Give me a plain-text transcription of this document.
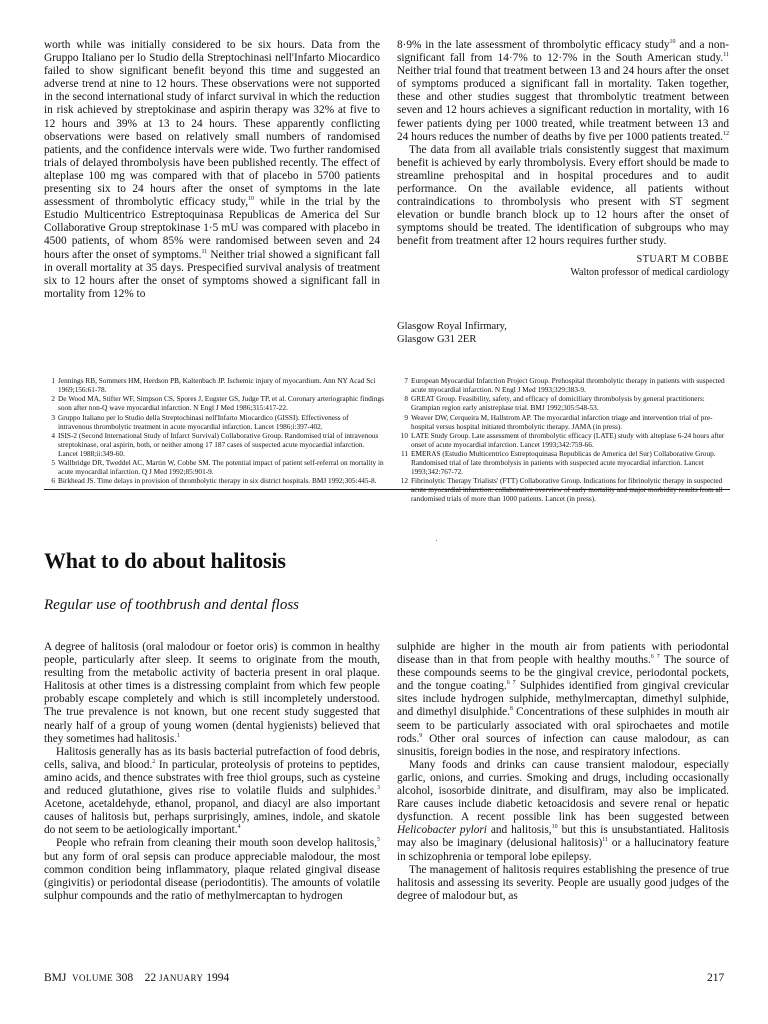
worth while was initially considered to be six hours. Data from the Gruppo Italiano per lo Studio della Streptochinasi nell'Infarto Miocardico failed to show significant benefit beyond this time and suggested an adverse trend at nine to 12 hours. These observations were not supported in the second international study of infarct survival in which the reduction in risk achieved by streptokinase and aspirin therapy was 32% at five to 12 hours and 39% at 13 to 24 hours. These apparently conflicting observations were based on relatively small numbers of randomised patients, and the confidence intervals were wide. Two further randomised trials of delayed thrombolysis have been published recently. The effect of alteplase 100 mg was compared with that of placebo in 5700 patients presenting six to 24 hours after the onset of symptoms in the late assessment of thrombolytic efficacy study,$^{10}$ while in the trial by the Estudio Multicentrico Estreptoquinasa Republicas de America del Sur Collaborative Group streptokinase 1·5 mU was compared with placebo in 4500 patients, of whom 85% were randomised between seven and 24 hours after the onset of symptoms.$^{11}$ Neither trial showed a significant fall in overall mortality at 35 days. Prespecified survival analysis of treatment six to 12 hours after the onset of symptoms showed a significant fall in mortality from 12% to

8·9% in the late assessment of thrombolytic efficacy study$^{10}$ and a non-significant fall from 14·7% to 12·7% in the South American study.$^{11}$ Neither trial found that treatment between 13 and 24 hours after the onset of symptoms produced a significant fall in mortality. Taken together, these and other studies suggest that thrombolytic treatment between seven and 12 hours achieves a significant reduction in mortality, with 16 fewer patients dying per 1000 treated, while treatment between 13 and 24 hours reduces the number of deaths by five per 1000 patients treated.$^{12}$

The data from all available trials consistently suggest that maximum benefit is achieved by early thrombolysis. Every effort should be made to streamline prehospital and in hospital procedures and to audit performance. On the available evidence, all patients without contraindications to thrombolysis who present with ST segment elevation or bundle branch block up to 12 hours after the onset of symptoms should be treated. The identification of subgroups who may benefit from treatment after 12 hours requires further study.

STUART M COBBE
Walton professor of medical cardiology
Glasgow Royal Infirmary,
Glasgow G31 2ER
1 Jennings RB, Sommers HM, Herdson PB, Kaltenbach JP. Ischemic injury of myocardium. Ann NY Acad Sci 1969;156:61-78.
2 De Wood MA, Stifter WF, Simpson CS, Spores J, Eugster GS, Judge TP, et al. Coronary arteriographic findings soon after non-Q wave myocardial infarction. N Engl J Med 1986;315:417-22.
3 Gruppo Italiano per lo Studio della Streptochinasi nell'Infarto Miocardico (GISSI). Effectiveness of intravenous thrombolytic treatment in acute myocardial infarction. Lancet 1986;i:397-402.
4 ISIS-2 (Second International Study of Infarct Survival) Collaborative Group. Randomised trial of intravenous streptokinase, oral aspirin, both, or neither among 17 187 cases of suspected acute myocardial infarction. Lancet 1988;ii:349-60.
5 Wallbridge DR, Tweddel AC, Martin W, Cobbe SM. The potential impact of patient self-referral on mortality in acute myocardial infarction. Q J Med 1992;85:901-9.
6 Birkhead JS. Time delays in provision of thrombolytic therapy in six district hospitals. BMJ 1992;305:445-8.
7 European Myocardial Infarction Project Group. Prehospital thrombolytic therapy in patients with suspected acute myocardial infarction. N Engl J Med 1993;329:383-9.
8 GREAT Group. Feasibility, safety, and efficacy of domiciliary thrombolysis by general practitioners: Grampian region early anistreplase trial. BMJ 1992;305:548-53.
9 Weaver DW, Cerqueira M, Hallstrom AP. The myocardial infarction triage and intervention trial of pre-hospital versus hospital initiated thrombolytic therapy. JAMA (in press).
10 LATE Study Group. Late assessment of thrombolytic efficacy (LATE) study with alteplase 6-24 hours after onset of acute myocardial infarction. Lancet 1993;342:759-66.
11 EMERAS (Estudio Multicentrico Estreptoquinasa Republicas de America del Sur) Collaborative Group. Randomised trial of late thrombolysis in patients with suspected acute myocardial infarction. Lancet 1993;342:767-72.
12 Fibrinolytic Therapy Trialists' (FTT) Collaborative Group. Indications for fibrinolytic therapy in suspected acute myocardial infarction: collaborative overview of early mortality and major morbidity results from all randomised trials of more than 1000 patients. Lancet (in press).
What to do about halitosis
Regular use of toothbrush and dental floss

A degree of halitosis (oral malodour or foetor oris) is common in healthy people, particularly after sleep. It seems to originate from the mouth, resulting from the metabolic activity of bacteria present in oral plaque. Halitosis at other times is a distressing complaint from which few people probably escape completely and which is still incompletely understood. The true prevalence is not known, but one recent study suggested that nearly half of a group of young women (dental hygienists) believed that they sometimes had halitosis.$^1$

Halitosis generally has as its basis bacterial putrefaction of food debris, cells, saliva, and blood.$^2$ In particular, proteolysis of proteins to peptides, amino acids, and thence substrates with free thiol groups, such as cysteine and reduced glutathione, gives rise to volatile fluids and sulphides.$^3$ Acetone, acetaldehyde, ethanol, propanol, and diacyl are also important causes of halitosis but, perhaps surprisingly, amines, indole, and skatole do not seem to be aetiologically important.$^4$

People who refrain from cleaning their mouth soon develop halitosis,$^5$ but any form of oral sepsis can produce appreciable malodour, the most common condition being inflammatory, plaque related gingival disease (gingivitis) or periodontal disease (periodontitis). The amounts of volatile sulphur compounds and the ratio of methylmercaptan to hydrogen

sulphide are higher in the mouth air from patients with periodontal disease than in that from people with healthy mouths.$^{6 7}$ The source of these compounds seems to be the gingival crevice, periodontal pockets, and the tongue coating.$^{6 7}$ Sulphides identified from gingival crevicular sites include hydrogen sulphide, methylmercaptan, dimethyl sulphide, and dimethyl disulphide.$^8$ Concentrations of these sulphides in mouth air seem to be particularly associated with oral spirochaetes and motile rods.$^9$ Other oral sources of infection can cause malodour, as can sinusitis, foreign bodies in the nose, and respiratory infections.

Many foods and drinks can cause transient malodour, especially garlic, onions, and curries. Smoking and drugs, including occasionally alcohol, isosorbide dinitrate, and disulfiram, may also be implicated. Rare causes include diabetic ketoacidosis and severe renal or hepatic dysfunction. A recent possible link has been suggested between Helicobacter pylori and halitosis,$^{10}$ but this is unsubstantiated. Halitosis may also be imaginary (delusional halitosis)$^{11}$ or a hallucinatory feature in schizophrenia or temporal lobe epilepsy.

The management of halitosis requires establishing the presence of true halitosis and assessing its severity. People are usually good judges of the degree of malodour but, as

BMJ VOLUME 308 22 JANUARY 1994	217
